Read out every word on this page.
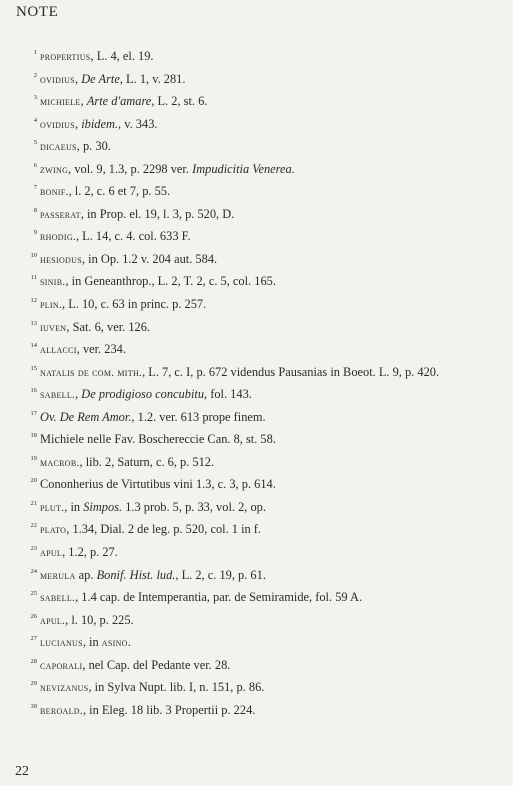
NOTE
1 propertius, L. 4, el. 19.
2 ovidius, De Arte, L. 1, v. 281.
3 michiele, Arte d'amare, L. 2, st. 6.
4 ovidius, ibidem., v. 343.
5 dicaeus, p. 30.
6 zwing, vol. 9, 1.3, p. 2298 ver. Impudicitia Venerea.
7 bonif., l. 2, c. 6 et 7, p. 55.
8 passerat, in Prop. el. 19, l. 3, p. 520, D.
9 rhodig., L. 14, c. 4. col. 633 F.
10 hesiodus, in Op. 1.2 v. 204 aut. 584.
11 sinib., in Geneanthrop., L. 2, T. 2, c. 5, col. 165.
12 plin., L. 10, c. 63 in princ. p. 257.
13 iuven, Sat. 6, ver. 126.
14 allacci, ver. 234.
15 natalis de com. mith., L. 7, c. I, p. 672 videndus Pausanias in Boeot. L. 9, p. 420.
16 sabell., De prodigioso concubitu, fol. 143.
17 Ov. De Rem Amor., 1.2. ver. 613 prope finem.
18 Michiele nelle Fav. Boschereccie Can. 8, st. 58.
19 macrob., lib. 2, Saturn, c. 6, p. 512.
20 Cononherius de Virtutibus vini 1.3, c. 3, p. 614.
21 plut., in Simpos. 1.3 prob. 5, p. 33, vol. 2, op.
22 plato, 1.34, Dial. 2 de leg. p. 520, col. 1 in f.
23 apul, 1.2, p. 27.
24 merula ap. Bonif. Hist. lud., L. 2, c. 19, p. 61.
25 sabell., 1.4 cap. de Intemperantia, par. de Semiramide, fol. 59 A.
26 apul., l. 10, p. 225.
27 lucianus, in asino.
28 caporali, nel Cap. del Pedante ver. 28.
29 nevizanus, in Sylva Nupt. lib. I, n. 151, p. 86.
30 beroald., in Eleg. 18 lib. 3 Propertii p. 224.
22
